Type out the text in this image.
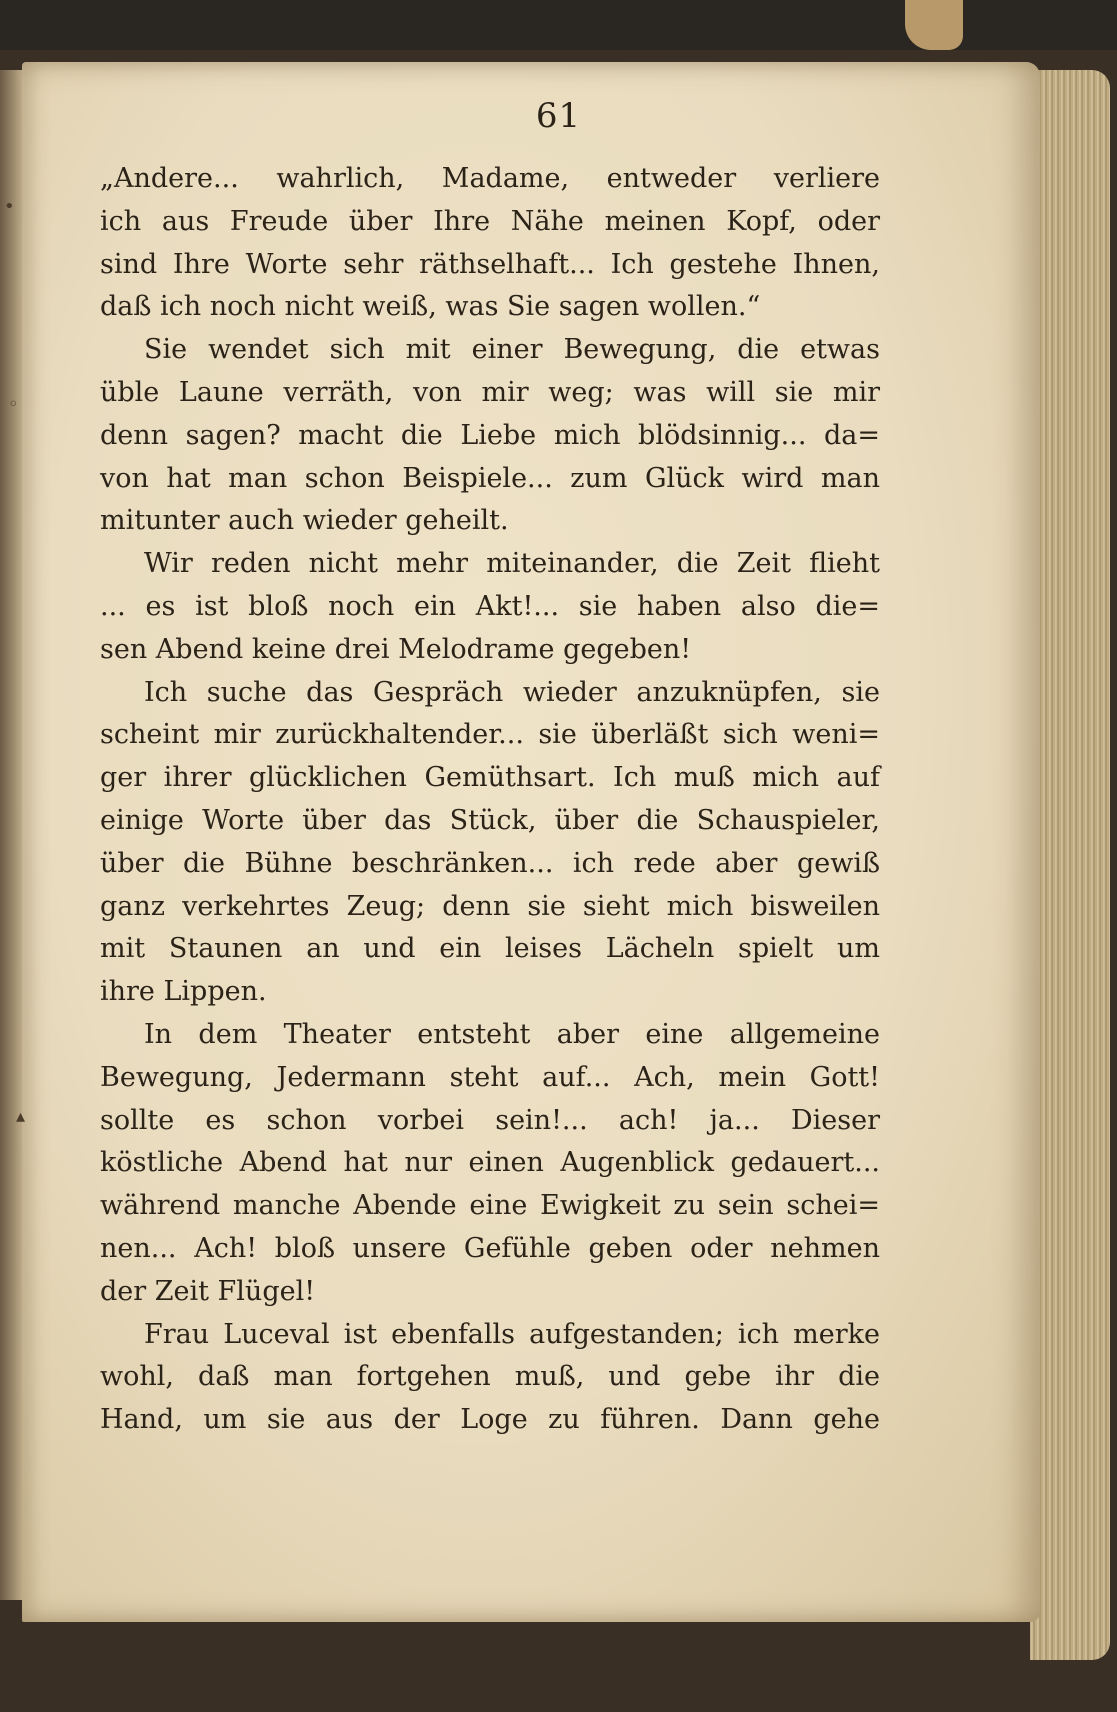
•
◦
▴
61
„Andere... wahrlich, Madame, entweder verliere
ich aus Freude über Ihre Nähe meinen Kopf, oder
sind Ihre Worte sehr räthselhaft... Ich gestehe Ihnen,
daß ich noch nicht weiß, was Sie sagen wollen.“
Sie wendet sich mit einer Bewegung, die etwas
üble Laune verräth, von mir weg; was will sie mir
denn sagen? macht die Liebe mich blödsinnig... da=
von hat man schon Beispiele... zum Glück wird man
mitunter auch wieder geheilt.
Wir reden nicht mehr miteinander, die Zeit flieht
... es ist bloß noch ein Akt!... sie haben also die=
sen Abend keine drei Melodrame gegeben!
Ich suche das Gespräch wieder anzuknüpfen, sie
scheint mir zurückhaltender... sie überläßt sich weni=
ger ihrer glücklichen Gemüthsart. Ich muß mich auf
einige Worte über das Stück, über die Schauspieler,
über die Bühne beschränken... ich rede aber gewiß
ganz verkehrtes Zeug; denn sie sieht mich bisweilen
mit Staunen an und ein leises Lächeln spielt um
ihre Lippen.
In dem Theater entsteht aber eine allgemeine
Bewegung, Jedermann steht auf... Ach, mein Gott!
sollte es schon vorbei sein!... ach! ja... Dieser
köstliche Abend hat nur einen Augenblick gedauert...
während manche Abende eine Ewigkeit zu sein schei=
nen... Ach! bloß unsere Gefühle geben oder nehmen
der Zeit Flügel!
Frau Luceval ist ebenfalls aufgestanden; ich merke
wohl, daß man fortgehen muß, und gebe ihr die
Hand, um sie aus der Loge zu führen. Dann gehe
